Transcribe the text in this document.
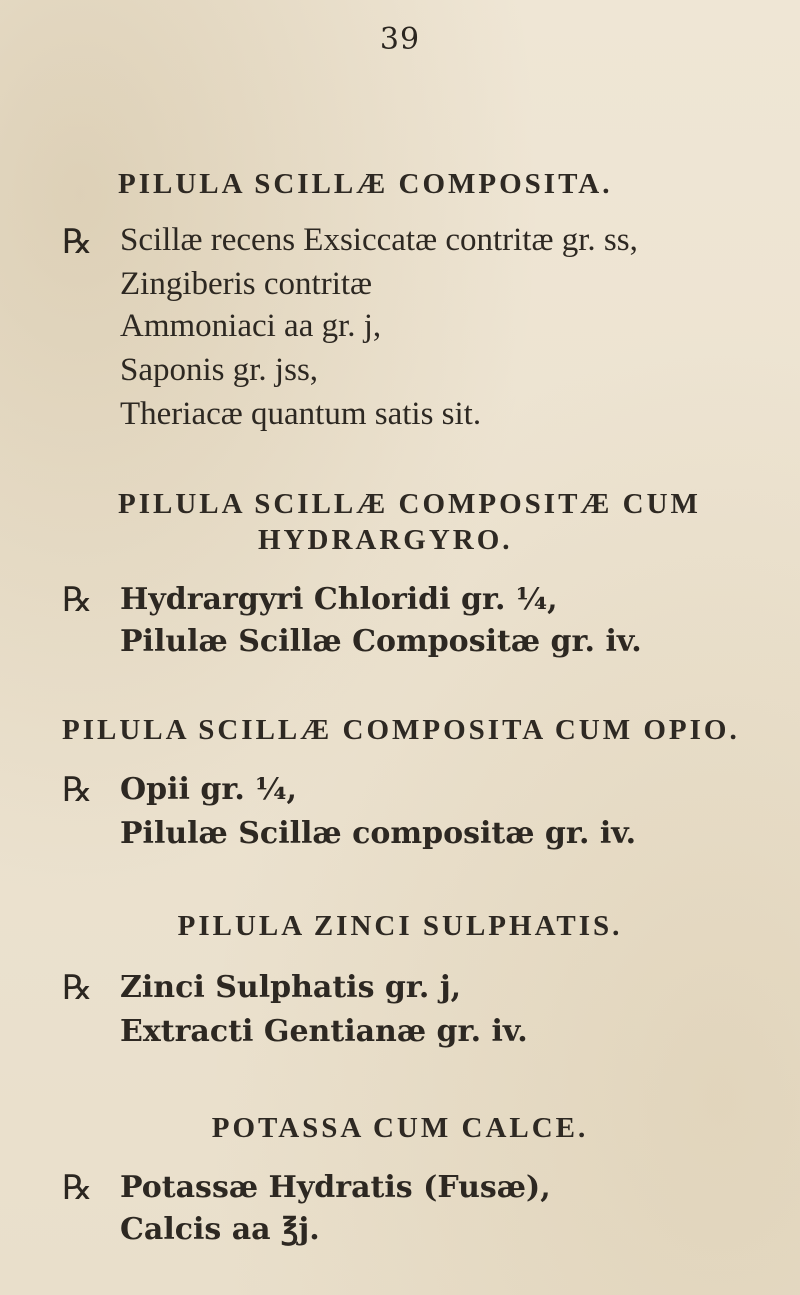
39
PILULA SCILLÆ COMPOSITA.
℞ Scillæ recens Exsiccatæ contritæ gr. ss,
Zingiberis contritæ
Ammoniaci aa gr. j,
Saponis gr. jss,
Theriacæ quantum satis sit.
PILULA SCILLÆ COMPOSITÆ CUM
HYDRARGYRO.
℞ Hydrargyri Chloridi gr. ¼,
Pilulæ Scillæ Compositæ gr. iv.
PILULA SCILLÆ COMPOSITA CUM OPIO.
℞ Opii gr. ¼,
Pilulæ Scillæ compositæ gr. iv.
PILULA ZINCI SULPHATIS.
℞ Zinci Sulphatis gr. j,
Extracti Gentianæ gr. iv.
POTASSA CUM CALCE.
℞ Potassæ Hydratis (Fusæ),
Calcis aa ℥j.
